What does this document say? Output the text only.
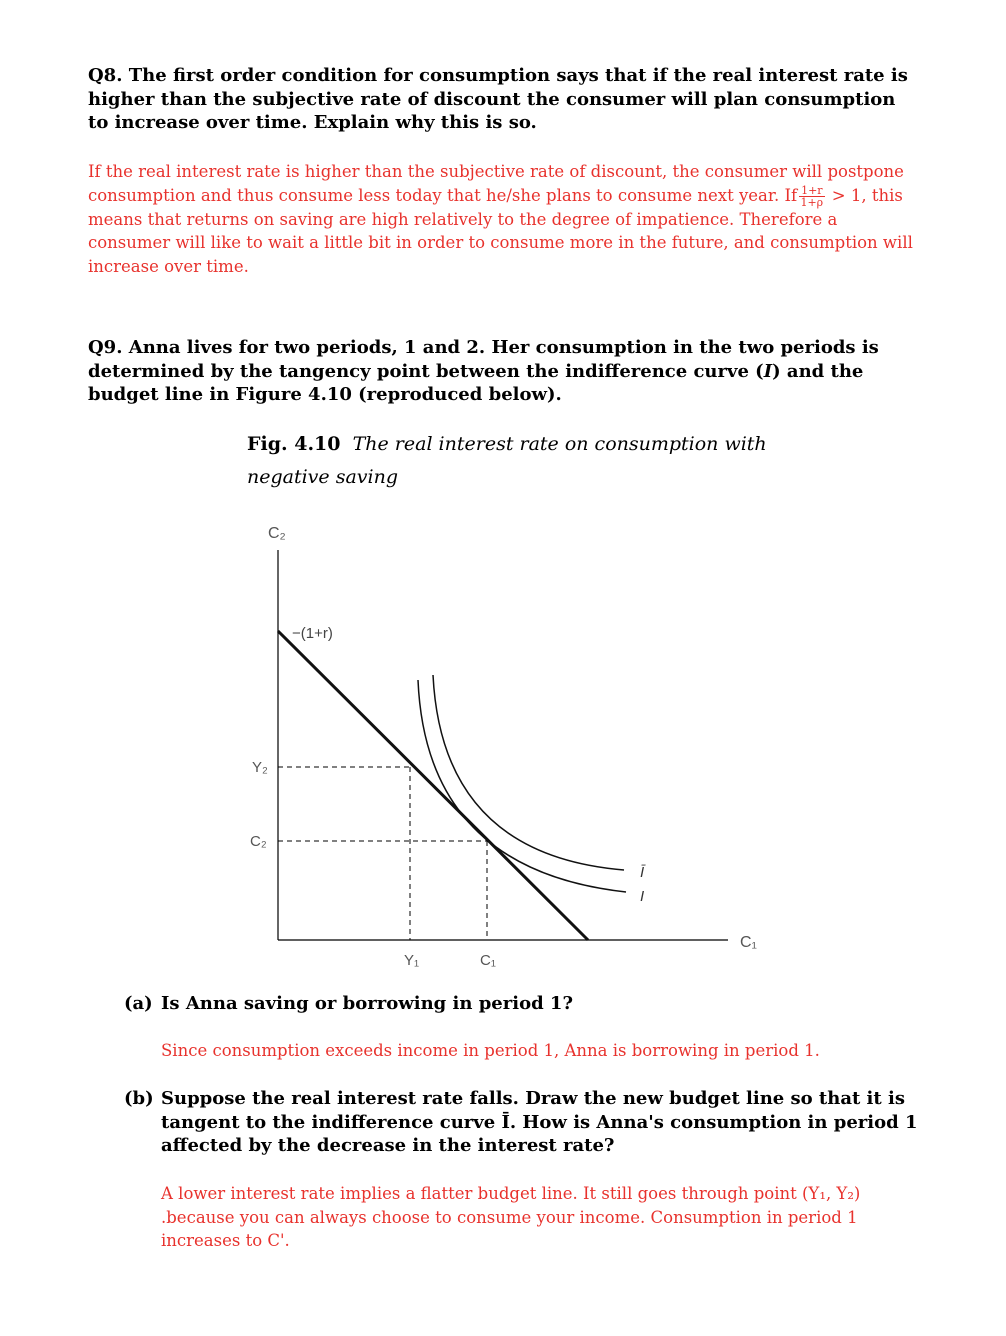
Q8. The first order condition for consumption says that if the real interest rate is higher than the subjective rate of discount the consumer will plan consumption to increase over time. Explain why this is so.
If the real interest rate is higher than the subjective rate of discount, the consumer will postpone consumption and thus consume less today that he/she plans to consume next year. If $\frac{1+r}{1+\rho} > 1$, this means that returns on saving are high relatively to the degree of impatience. Therefore a consumer will like to wait a little bit in order to consume more in the future, and consumption will increase over time.
Q9. Anna lives for two periods, 1 and 2. Her consumption in the two periods is determined by the tangency point between the indifference curve (I) and the budget line in Figure 4.10 (reproduced below).
Fig. 4.10 The real interest rate on consumption with negative saving
C₂
C₁
Y₂
C₂
Y₁	C₁
−(1+r)
Ī
I
(a) Is Anna saving or borrowing in period 1?
Since consumption exceeds income in period 1, Anna is borrowing in period 1.
(b) Suppose the real interest rate falls. Draw the new budget line so that it is tangent to the indifference curve Ī. How is Anna's consumption in period 1 affected by the decrease in the interest rate?
A lower interest rate implies a flatter budget line. It still goes through point (Y₁, Y₂) .because you can always choose to consume your income. Consumption in period 1 increases to C'.
